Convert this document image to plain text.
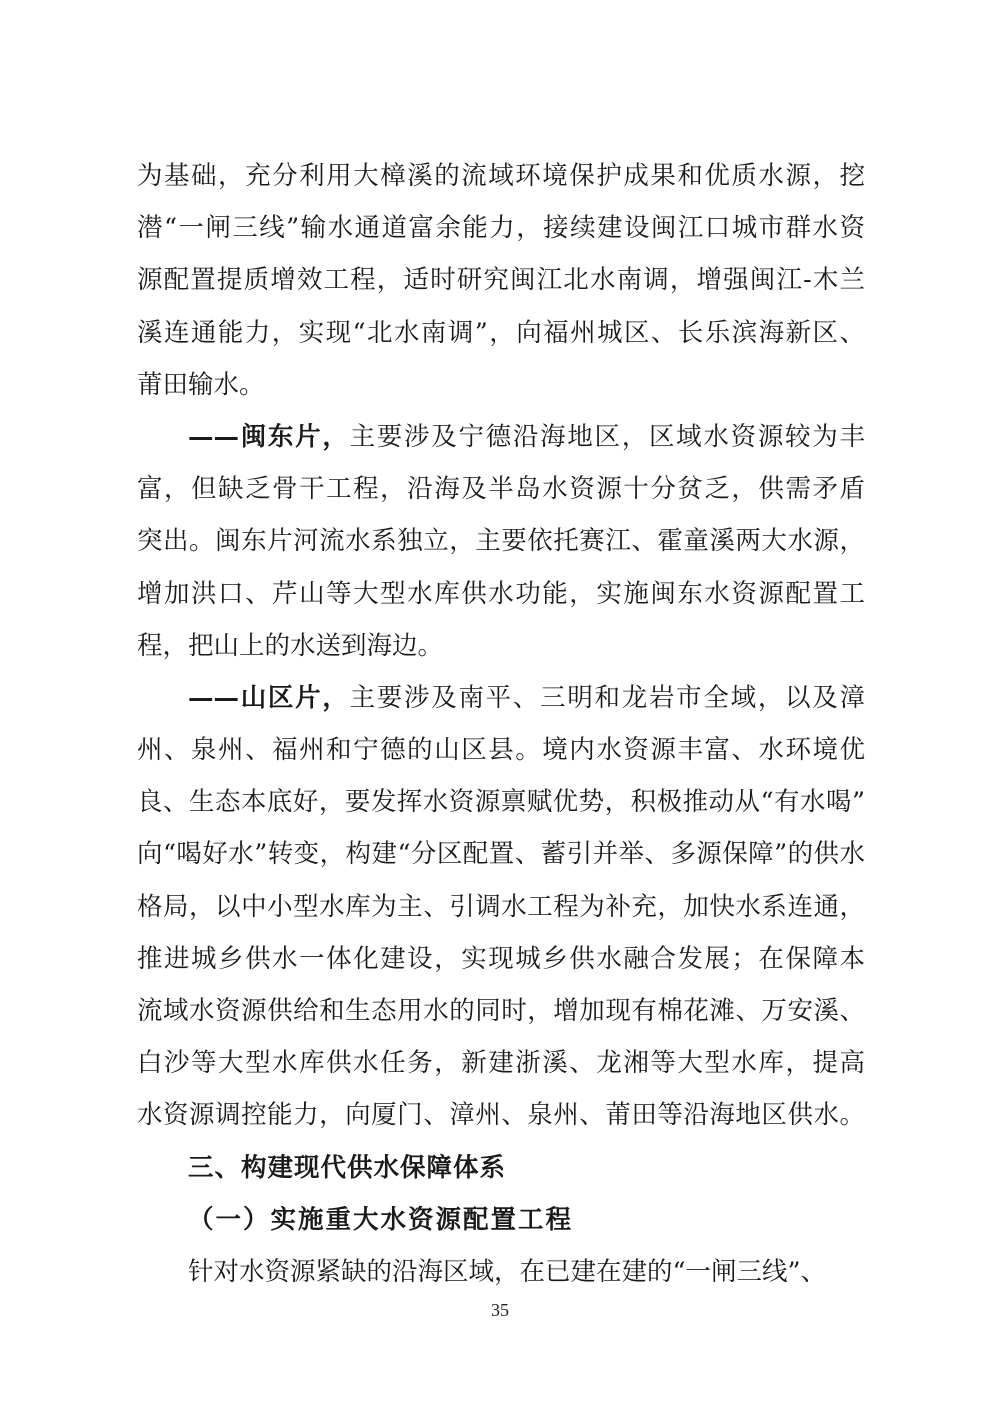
为基础，充分利用大樟溪的流域环境保护成果和优质水源，挖
潜“一闸三线”输水通道富余能力，接续建设闽江口城市群水资
源配置提质增效工程，适时研究闽江北水南调，增强闽江-木兰
溪连通能力，实现“北水南调”，向福州城区、长乐滨海新区、
莆田输水。
——闽东片，主要涉及宁德沿海地区，区域水资源较为丰
富，但缺乏骨干工程，沿海及半岛水资源十分贫乏，供需矛盾
突出。闽东片河流水系独立，主要依托赛江、霍童溪两大水源，
增加洪口、芹山等大型水库供水功能，实施闽东水资源配置工
程，把山上的水送到海边。
——山区片，主要涉及南平、三明和龙岩市全域，以及漳
州、泉州、福州和宁德的山区县。境内水资源丰富、水环境优
良、生态本底好，要发挥水资源禀赋优势，积极推动从“有水喝”
向“喝好水”转变，构建“分区配置、蓄引并举、多源保障”的供水
格局，以中小型水库为主、引调水工程为补充，加快水系连通，
推进城乡供水一体化建设，实现城乡供水融合发展；在保障本
流域水资源供给和生态用水的同时，增加现有棉花滩、万安溪、
白沙等大型水库供水任务，新建浙溪、龙湘等大型水库，提高
水资源调控能力，向厦门、漳州、泉州、莆田等沿海地区供水。
三、构建现代供水保障体系
（一）实施重大水资源配置工程
针对水资源紧缺的沿海区域，在已建在建的“一闸三线”、
35
